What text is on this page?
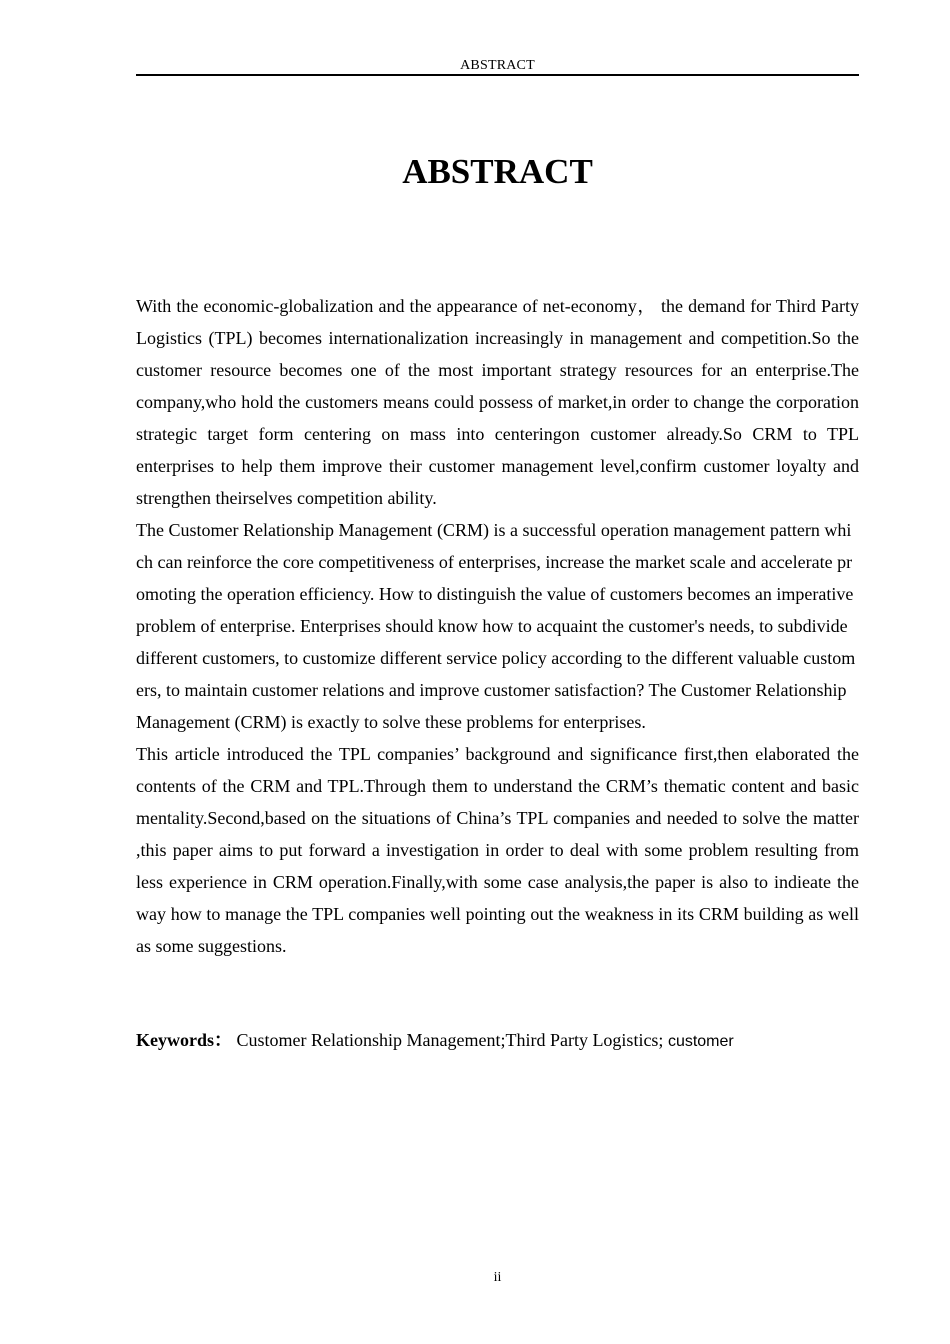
ABSTRACT
ABSTRACT

With the economic-globalization and the appearance of net-economy， the demand for Third Party Logistics (TPL) becomes internationalization increasingly in management and competition.So the customer resource becomes one of the most important strategy resources for an enterprise.The company,who hold the customers means could possess of market,in order to change the corporation strategic target form centering on mass into centeringon customer already.So CRM to TPL enterprises to help them improve their customer management level,confirm customer loyalty and strengthen theirselves competition ability.

The Customer Relationship Management (CRM) is a successful operation management pattern which can reinforce the core competitiveness of enterprises, increase the market scale and accelerate promoting the operation efficiency. How to distinguish the value of customers becomes an imperative problem of enterprise. Enterprises should know how to acquaint the customer's needs, to subdivide different customers, to customize different service policy according to the different valuable customers, to maintain customer relations and improve customer satisfaction? The Customer Relationship Management (CRM) is exactly to solve these problems for enterprises.

This article introduced the TPL companies’ background and significance first,then elaborated the contents of the CRM and TPL.Through them to understand the CRM’s thematic content and basic mentality.Second,based on the situations of China’s TPL companies and needed to solve the matter ,this paper aims to put forward a investigation in order to deal with some problem resulting from less experience in CRM operation.Finally,with some case analysis,the paper is also to indieate the way how to manage the TPL companies well pointing out the weakness in its CRM building as well as some suggestions.

Keywords： Customer Relationship Management;Third Party Logistics; customer

ii
